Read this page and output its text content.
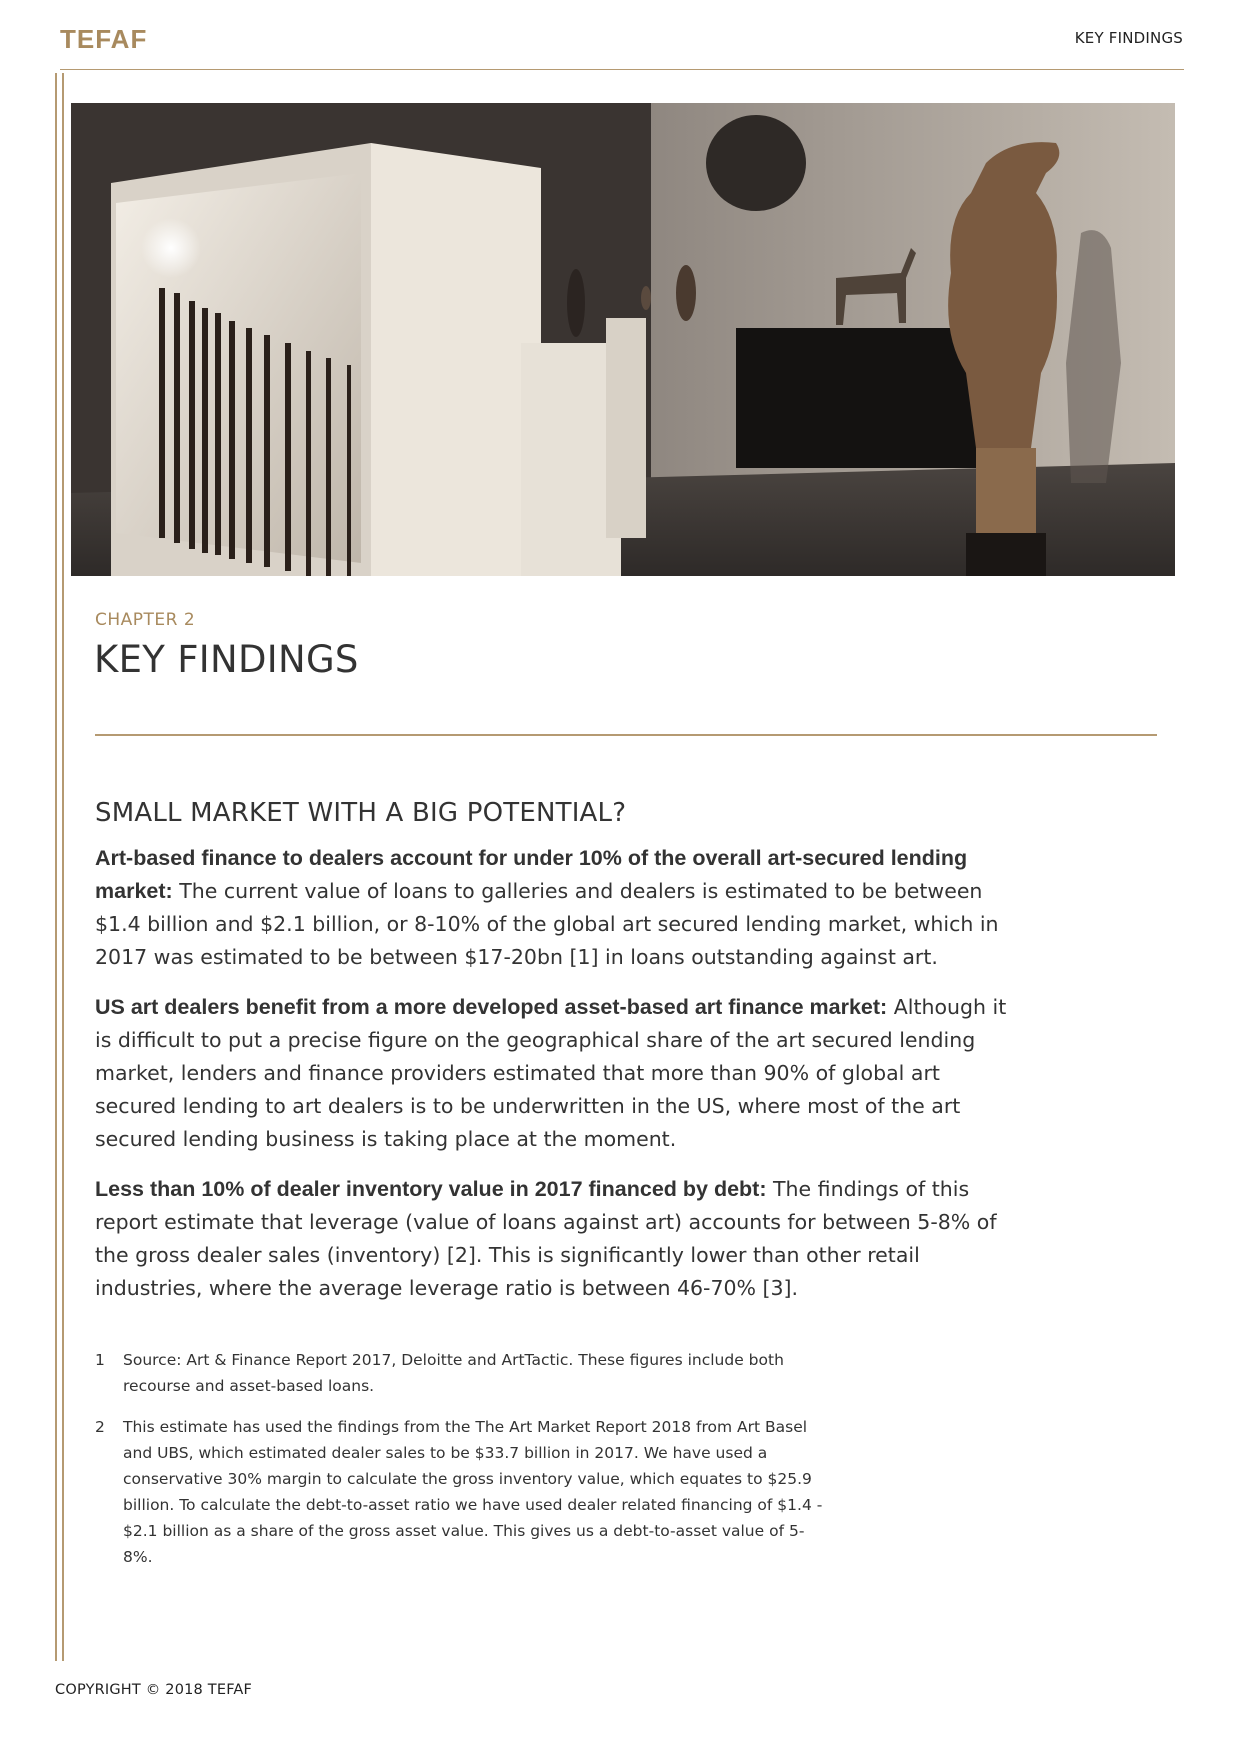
TEFAF	KEY FINDINGS
CHAPTER 2
KEY FINDINGS
SMALL MARKET WITH A BIG POTENTIAL?

Art-based finance to dealers account for under 10% of the overall art-secured lending market: The current value of loans to galleries and dealers is estimated to be between $1.4 billion and $2.1 billion, or 8-10% of the global art secured lending market, which in 2017 was estimated to be between $17-20bn [1] in loans outstanding against art.

US art dealers benefit from a more developed asset-based art finance market: Although it is difficult to put a precise figure on the geographical share of the art secured lending market, lenders and finance providers estimated that more than 90% of global art secured lending to art dealers is to be underwritten in the US, where most of the art secured lending business is taking place at the moment.

Less than 10% of dealer inventory value in 2017 financed by debt: The findings of this report estimate that leverage (value of loans against art) accounts for between 5-8% of the gross dealer sales (inventory) [2]. This is significantly lower than other retail industries, where the average leverage ratio is between 46-70% [3].

1	Source: Art & Finance Report 2017, Deloitte and ArtTactic. These figures include both recourse and asset-based loans.
2	This estimate has used the findings from the The Art Market Report 2018 from Art Basel and UBS, which estimated dealer sales to be $33.7 billion in 2017. We have used a conservative 30% margin to calculate the gross inventory value, which equates to $25.9 billion. To calculate the debt-to-asset ratio we have used dealer related financing of $1.4 - $2.1 billion as a share of the gross asset value. This gives us a debt-to-asset value of 5-8%.
COPYRIGHT © 2018 TEFAF
